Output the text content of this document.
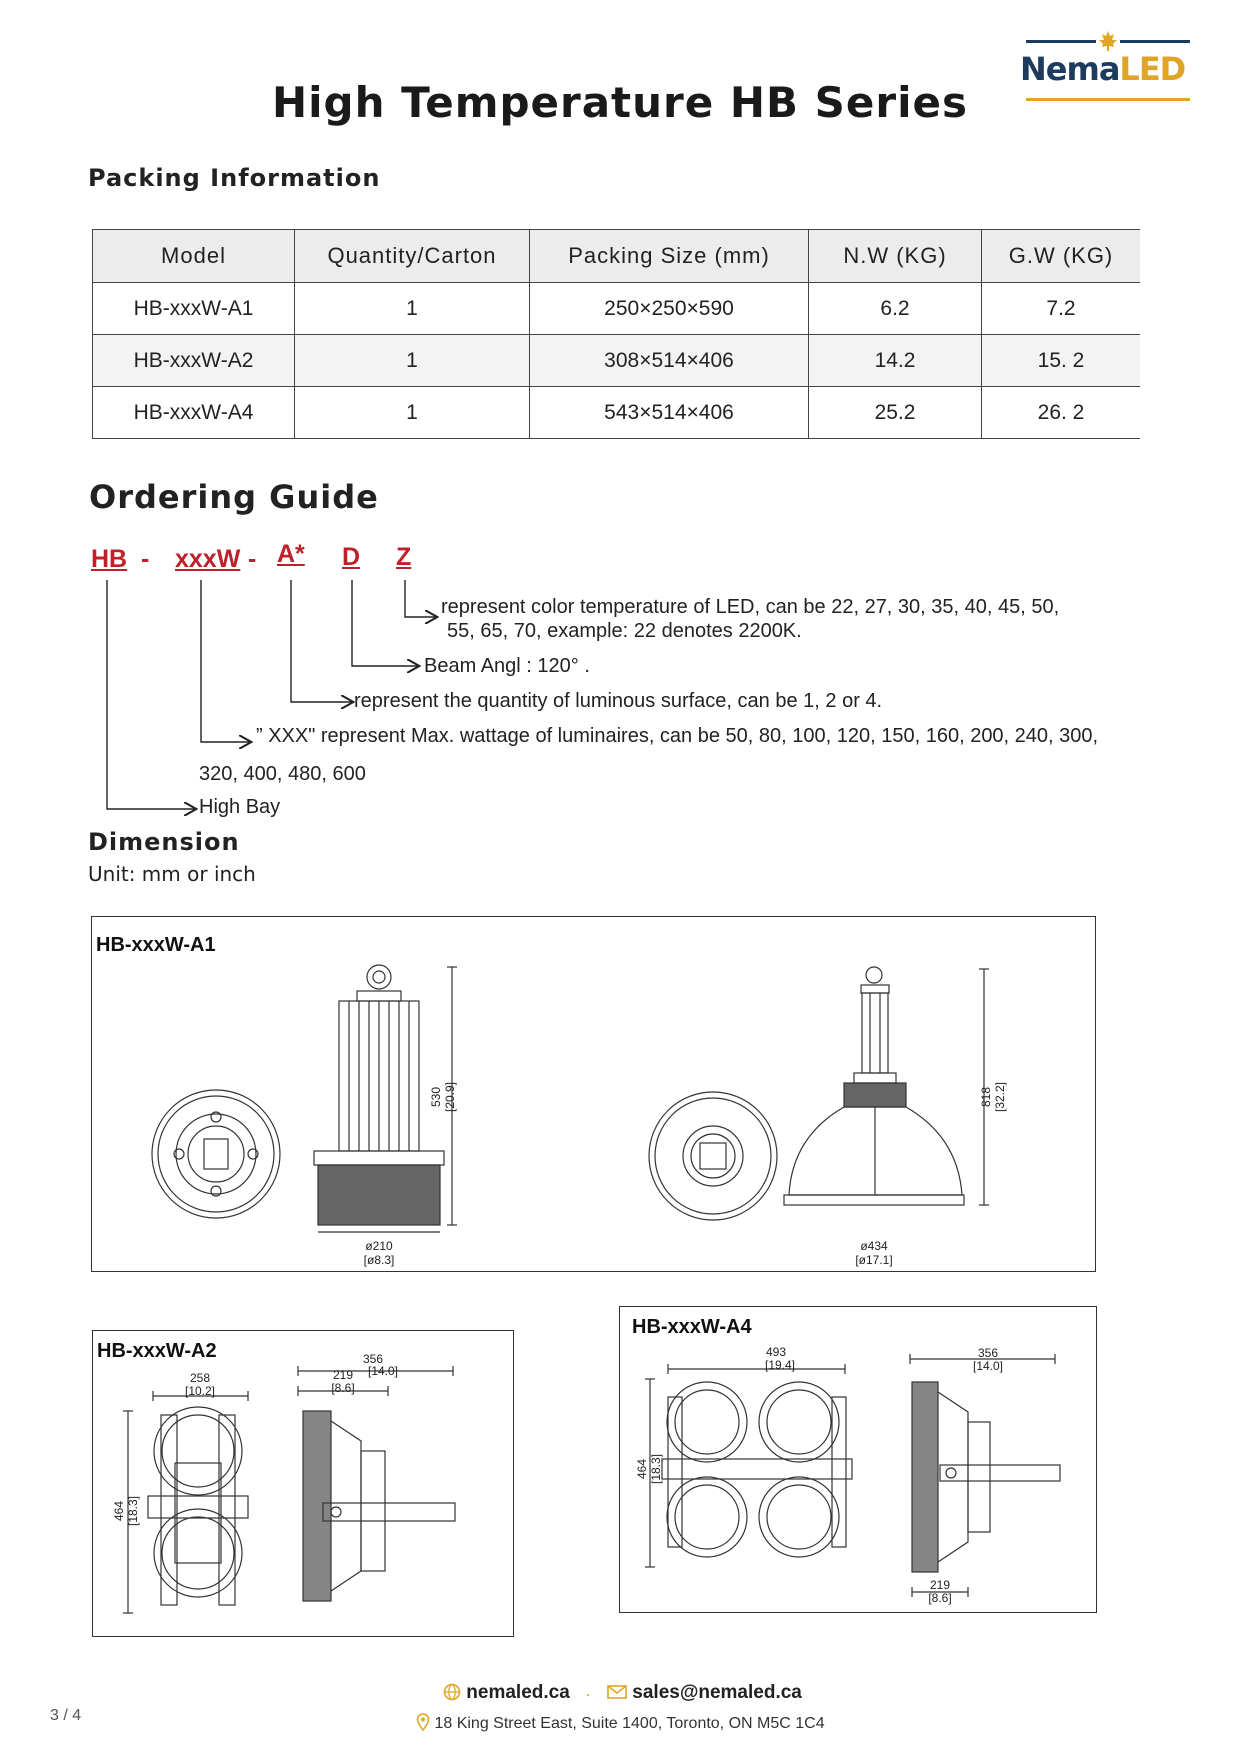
NemaLED
High Temperature HB Series
Packing Information
Model	Quantity/Carton	Packing Size (mm)	N.W (KG)	G.W (KG)
HB-xxxW-A1	1	250×250×590	6.2	7.2
HB-xxxW-A2	1	308×514×406	14.2	15. 2
HB-xxxW-A4	1	543×514×406	25.2	26. 2
Ordering Guide
HB - xxxW - A* D Z
represent color temperature of LED, can be 22, 27, 30, 35, 40, 45, 50,
55, 65, 70, example: 22 denotes 2200K.
Beam Angl : 120° .
represent the quantity of luminous surface, can be 1, 2 or 4.
” XXX" represent Max. wattage of luminaires, can be 50, 80, 100, 120, 150, 160, 200, 240, 300,
320, 400, 480, 600
High Bay
Dimension
Unit: mm or inch
HB-xxxW-A1
ø210
[ø8.3]
530 [20.9]
ø434
[ø17.1]
818 [32.2]
HB-xxxW-A2
258
[10.2]
464 [18.3]
356
[14.0]
219
[8.6]
HB-xxxW-A4
493
[19.4]
464 [18.3]
356
[14.0]
219
[8.6]
nemaled.ca ·	sales@nemaled.ca
18 King Street East, Suite 1400, Toronto, ON M5C 1C4
3 / 4
